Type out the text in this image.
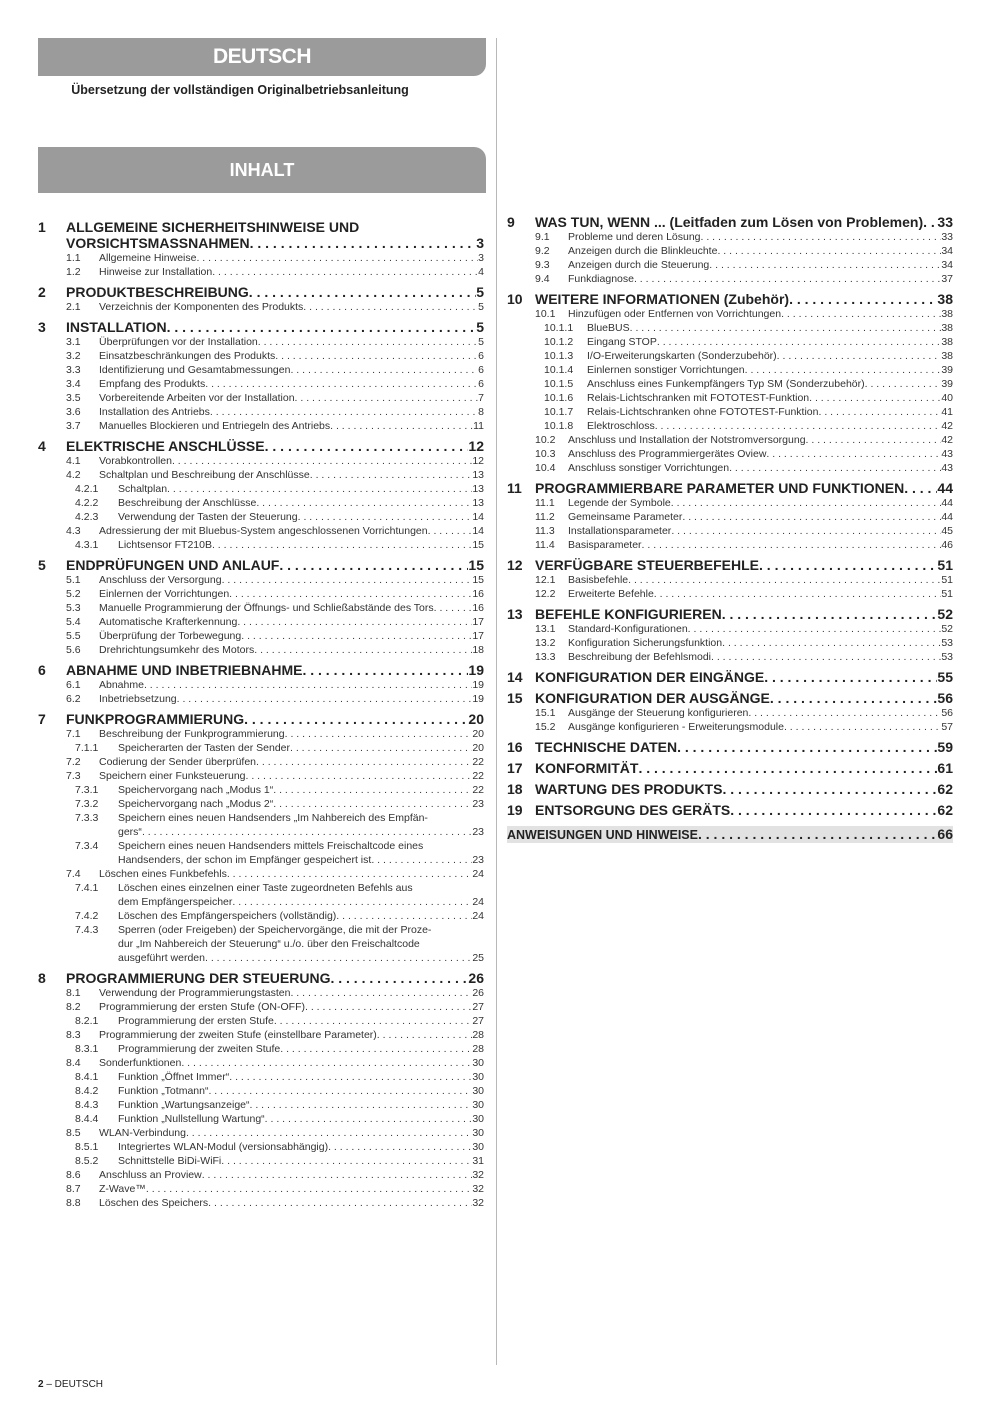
DEUTSCH
Übersetzung der vollständigen Originalbetriebsanleitung
INHALT
1	ALLGEMEINE SICHERHEITSHINWEISE UND
VORSICHTSMASSNAHMEN . . .	3
1.1	Allgemeine Hinweise . . .	3
1.2	Hinweise zur Installation . . .	4
2	PRODUKTBESCHREIBUNG . . .	5
2.1	Verzeichnis der Komponenten des Produkts . . .	5
3	INSTALLATION . . .	5
3.1	Überprüfungen vor der Installation . . .	5
3.2	Einsatzbeschränkungen des Produkts . . .	6
3.3	Identifizierung und Gesamtabmessungen . . .	6
3.4	Empfang des Produkts . . .	6
3.5	Vorbereitende Arbeiten vor der Installation . . .	7
3.6	Installation des Antriebs . . .	8
3.7	Manuelles Blockieren und Entriegeln des Antriebs . . .	11
4	ELEKTRISCHE ANSCHLÜSSE . . .	12
4.1	Vorabkontrollen . . .	12
4.2	Schaltplan und Beschreibung der Anschlüsse . . .	13
4.2.1	Schaltplan . . .	13
4.2.2	Beschreibung der Anschlüsse . . .	13
4.2.3	Verwendung der Tasten der Steuerung . . .	14
4.3	Adressierung der mit Bluebus-System angeschlossenen Vorrichtungen . . .	14
4.3.1	Lichtsensor FT210B . . .	15
5	ENDPRÜFUNGEN UND ANLAUF . . .	15
5.1	Anschluss der Versorgung . . .	15
5.2	Einlernen der Vorrichtungen . . .	16
5.3	Manuelle Programmierung der Öffnungs- und Schließabstände des Tors . . .	16
5.4	Automatische Krafterkennung . . .	17
5.5	Überprüfung der Torbewegung . . .	17
5.6	Drehrichtungsumkehr des Motors . . .	18
6	ABNAHME UND INBETRIEBNAHME . . .	19
6.1	Abnahme . . .	19
6.2	Inbetriebsetzung . . .	19
7	FUNKPROGRAMMIERUNG . . .	20
7.1	Beschreibung der Funkprogrammierung . . .	20
7.1.1	Speicherarten der Tasten der Sender . . .	20
7.2	Codierung der Sender überprüfen . . .	22
7.3	Speichern einer Funksteuerung . . .	22
7.3.1	Speichervorgang nach „Modus 1“ . . .	22
7.3.2	Speichervorgang nach „Modus 2“ . . .	23
7.3.3	Speichern eines neuen Handsenders „Im Nahbereich des Empfän-
gers“ . . .	23
7.3.4	Speichern eines neuen Handsenders mittels Freischaltcode eines
Handsenders, der schon im Empfänger gespeichert ist . . .	23
7.4	Löschen eines Funkbefehls . . .	24
7.4.1	Löschen eines einzelnen einer Taste zugeordneten Befehls aus
dem Empfängerspeicher . . .	24
7.4.2	Löschen des Empfängerspeichers (vollständig) . . .	24
7.4.3	Sperren (oder Freigeben) der Speichervorgänge, die mit der Proze-
dur „Im Nahbereich der Steuerung“ u./o. über den Freischaltcode
ausgeführt werden . . .	25
8	PROGRAMMIERUNG DER STEUERUNG . . .	26
8.1	Verwendung der Programmierungstasten . . .	26
8.2	Programmierung der ersten Stufe (ON-OFF) . . .	27
8.2.1	Programmierung der ersten Stufe . . .	27
8.3	Programmierung der zweiten Stufe (einstellbare Parameter) . . .	28
8.3.1	Programmierung der zweiten Stufe . . .	28
8.4	Sonderfunktionen . . .	30
8.4.1	Funktion „Öffnet Immer“ . . .	30
8.4.2	Funktion „Totmann“ . . .	30
8.4.3	Funktion „Wartungsanzeige“ . . .	30
8.4.4	Funktion „Nullstellung Wartung“ . . .	30
8.5	WLAN-Verbindung . . .	30
8.5.1	Integriertes WLAN-Modul (versionsabhängig) . . .	30
8.5.2	Schnittstelle BiDi-WiFi . . .	31
8.6	Anschluss an Proview . . .	32
8.7	Z-Wave™ . . .	32
8.8	Löschen des Speichers . . .	32
9	WAS TUN, WENN ... (Leitfaden zum Lösen von Problemen) . . . 33
9.1	Probleme und deren Lösung . . .	33
9.2	Anzeigen durch die Blinkleuchte . . .	34
9.3	Anzeigen durch die Steuerung . . .	34
9.4	Funkdiagnose . . .	37
10 WEITERE INFORMATIONEN (Zubehör) . . .	38
10.1	Hinzufügen oder Entfernen von Vorrichtungen . . .	38
10.1.1	BlueBUS . . .	38
10.1.2	Eingang STOP . . .	38
10.1.3	I/O-Erweiterungskarten (Sonderzubehör) . . .	38
10.1.4	Einlernen sonstiger Vorrichtungen . . .	39
10.1.5	Anschluss eines Funkempfängers Typ SM (Sonderzubehör) . . .	39
10.1.6	Relais-Lichtschranken mit FOTOTEST-Funktion . . .	40
10.1.7	Relais-Lichtschranken ohne FOTOTEST-Funktion . . .	41
10.1.8	Elektroschloss . . .	42
10.2	Anschluss und Installation der Notstromversorgung . . .	42
10.3	Anschluss des Programmiergerätes Oview . . .	43
10.4	Anschluss sonstiger Vorrichtungen . . .	43
11 PROGRAMMIERBARE PARAMETER UND FUNKTIONEN . . . 44
11.1	Legende der Symbole . . .	44
11.2	Gemeinsame Parameter . . .	44
11.3	Installationsparameter . . .	45
11.4	Basisparameter . . .	46
12 VERFÜGBARE STEUERBEFEHLE . . .	51
12.1	Basisbefehle . . .	51
12.2	Erweiterte Befehle . . .	51
13 BEFEHLE KONFIGURIEREN . . .	52
13.1	Standard-Konfigurationen . . .	52
13.2	Konfiguration Sicherungsfunktion . . .	53
13.3	Beschreibung der Befehlsmodi . . .	53
14 KONFIGURATION DER EINGÄNGE . . .	55
15 KONFIGURATION DER AUSGÄNGE . . .	56
15.1	Ausgänge der Steuerung konfigurieren . . .	56
15.2	Ausgänge konfigurieren - Erweiterungsmodule . . .	57
16 TECHNISCHE DATEN . . .	59
17 KONFORMITÄT . . .	61
18 WARTUNG DES PRODUKTS . . .	62
19 ENTSORGUNG DES GERÄTS . . .	62
ANWEISUNGEN UND HINWEISE . . .	66
2 – DEUTSCH
